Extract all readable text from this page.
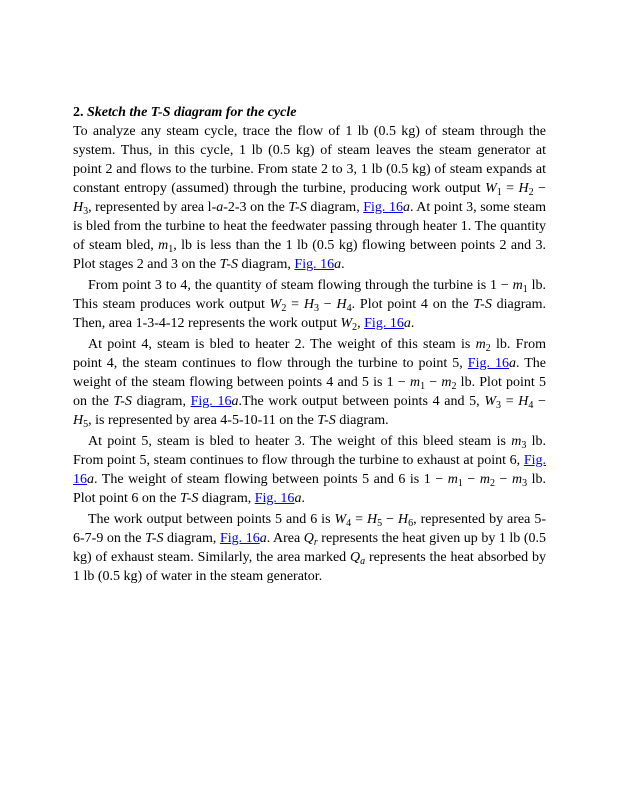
2. Sketch the T-S diagram for the cycle

To analyze any steam cycle, trace the flow of 1 lb (0.5 kg) of steam through the system. Thus, in this cycle, 1 lb (0.5 kg) of steam leaves the steam generator at point 2 and flows to the turbine. From state 2 to 3, 1 lb (0.5 kg) of steam expands at constant entropy (assumed) through the turbine, producing work output $W_1 = H_2 - H_3$, represented by area l-a-2-3 on the T-S diagram, Fig. 16a. At point 3, some steam is bled from the turbine to heat the feedwater passing through heater 1. The quantity of steam bled, $m_1$, lb is less than the 1 lb (0.5 kg) flowing between points 2 and 3. Plot stages 2 and 3 on the T-S diagram, Fig. 16a.

From point 3 to 4, the quantity of steam flowing through the turbine is $1 - m_1$ lb. This steam produces work output $W_2 = H_3 - H_4$. Plot point 4 on the T-S diagram. Then, area 1-3-4-12 represents the work output $W_2$, Fig. 16a.

At point 4, steam is bled to heater 2. The weight of this steam is $m_2$ lb. From point 4, the steam continues to flow through the turbine to point 5, Fig. 16a. The weight of the steam flowing between points 4 and 5 is $1 - m_1 - m_2$ lb. Plot point 5 on the T-S diagram, Fig. 16a.The work output between points 4 and 5, $W_3 = H_4 - H_5$, is represented by area 4-5-10-11 on the T-S diagram.

At point 5, steam is bled to heater 3. The weight of this bleed steam is $m_3$ lb. From point 5, steam continues to flow through the turbine to exhaust at point 6, Fig. 16a. The weight of steam flowing between points 5 and 6 is $1 - m_1 - m_2 - m_3$ lb. Plot point 6 on the T-S diagram, Fig. 16a.

The work output between points 5 and 6 is $W_4 = H_5 - H_6$, represented by area 5-6-7-9 on the T-S diagram, Fig. 16a. Area $Q_r$ represents the heat given up by 1 lb (0.5 kg) of exhaust steam. Similarly, the area marked $Q_a$ represents the heat absorbed by 1 lb (0.5 kg) of water in the steam generator.
